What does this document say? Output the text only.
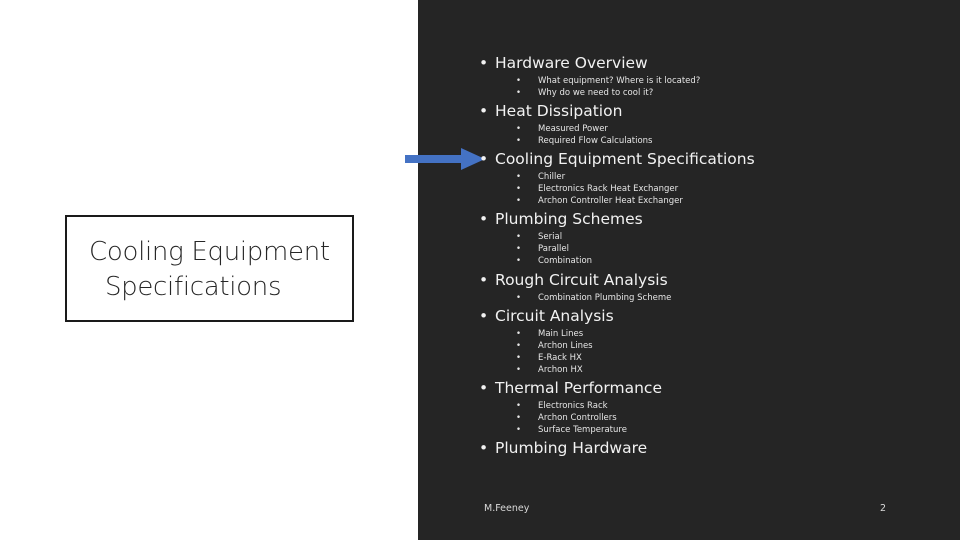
Cooling Equipment
Specifications
• Hardware Overview
• What equipment? Where is it located?
• Why do we need to cool it?
• Heat Dissipation
• Measured Power
• Required Flow Calculations
• Cooling Equipment Specifications
• Chiller
• Electronics Rack Heat Exchanger
• Archon Controller Heat Exchanger
• Plumbing Schemes
• Serial
• Parallel
• Combination
• Rough Circuit Analysis
• Combination Plumbing Scheme
• Circuit Analysis
• Main Lines
• Archon Lines
• E-Rack HX
• Archon HX
• Thermal Performance
• Electronics Rack
• Archon Controllers
• Surface Temperature
• Plumbing Hardware
M.Feeney	2
